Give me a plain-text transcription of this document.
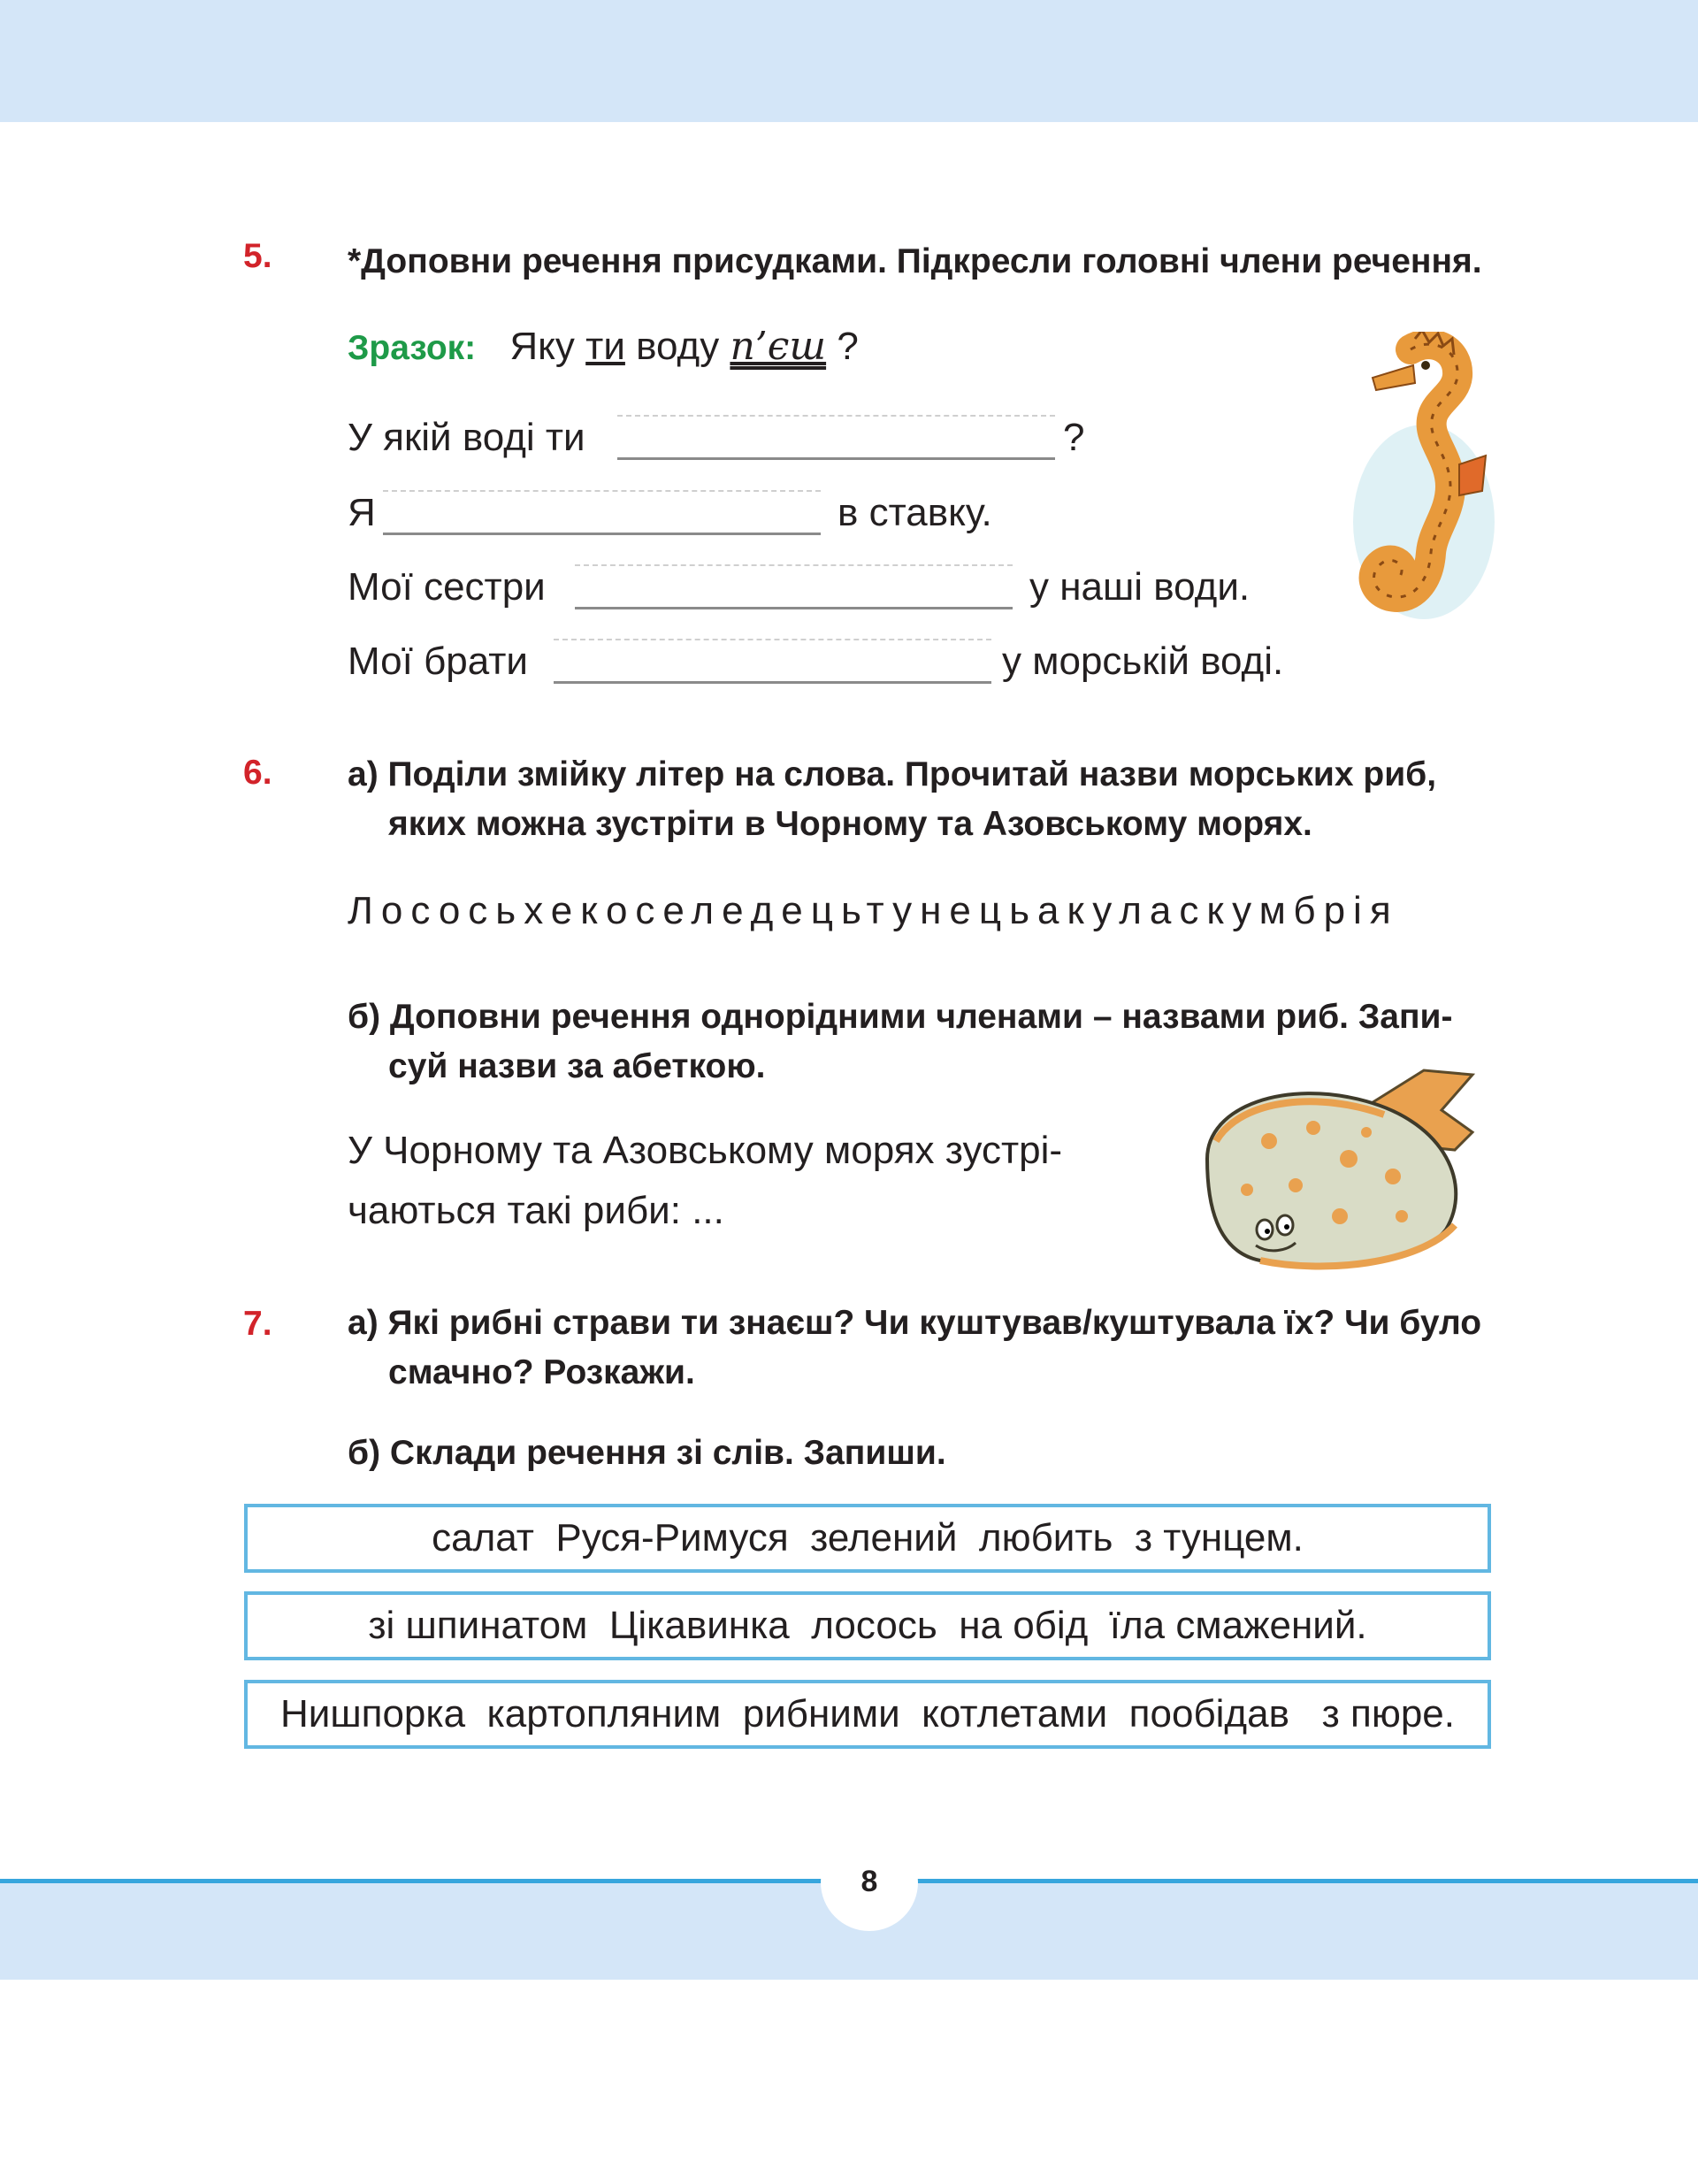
5. *Доповни речення присудками. Підкресли головні члени речення.
Зразок: Яку ти воду п’єш ?
У якій воді ти	?
Я	в ставку.
Мої сестри	у наші води.
Мої брати	у морській воді.
6. а) Поділи змійку літер на слова. Прочитай назви морських риб,
яких можна зустріти в Чорному та Азовському морях.
Лососьхекоселедецьтунецьакуласкумбрія
б) Доповни речення однорідними членами – назвами риб. Запи-
суй назви за абеткою.
У Чорному та Азовському морях зустрі-
чаються такі риби: ...
7. а) Які рибні страви ти знаєш? Чи куштував/куштувала їх? Чи було
смачно? Розкажи.
б) Склади речення зі слів. Запиши.
салат  Руся-Римуся  зелений  любить  з тунцем.
зі шпинатом  Цікавинка  лосось  на обід  їла смажений.
Нишпорка  картопляним  рибними  котлетами  пообідав   з пюре.
8
